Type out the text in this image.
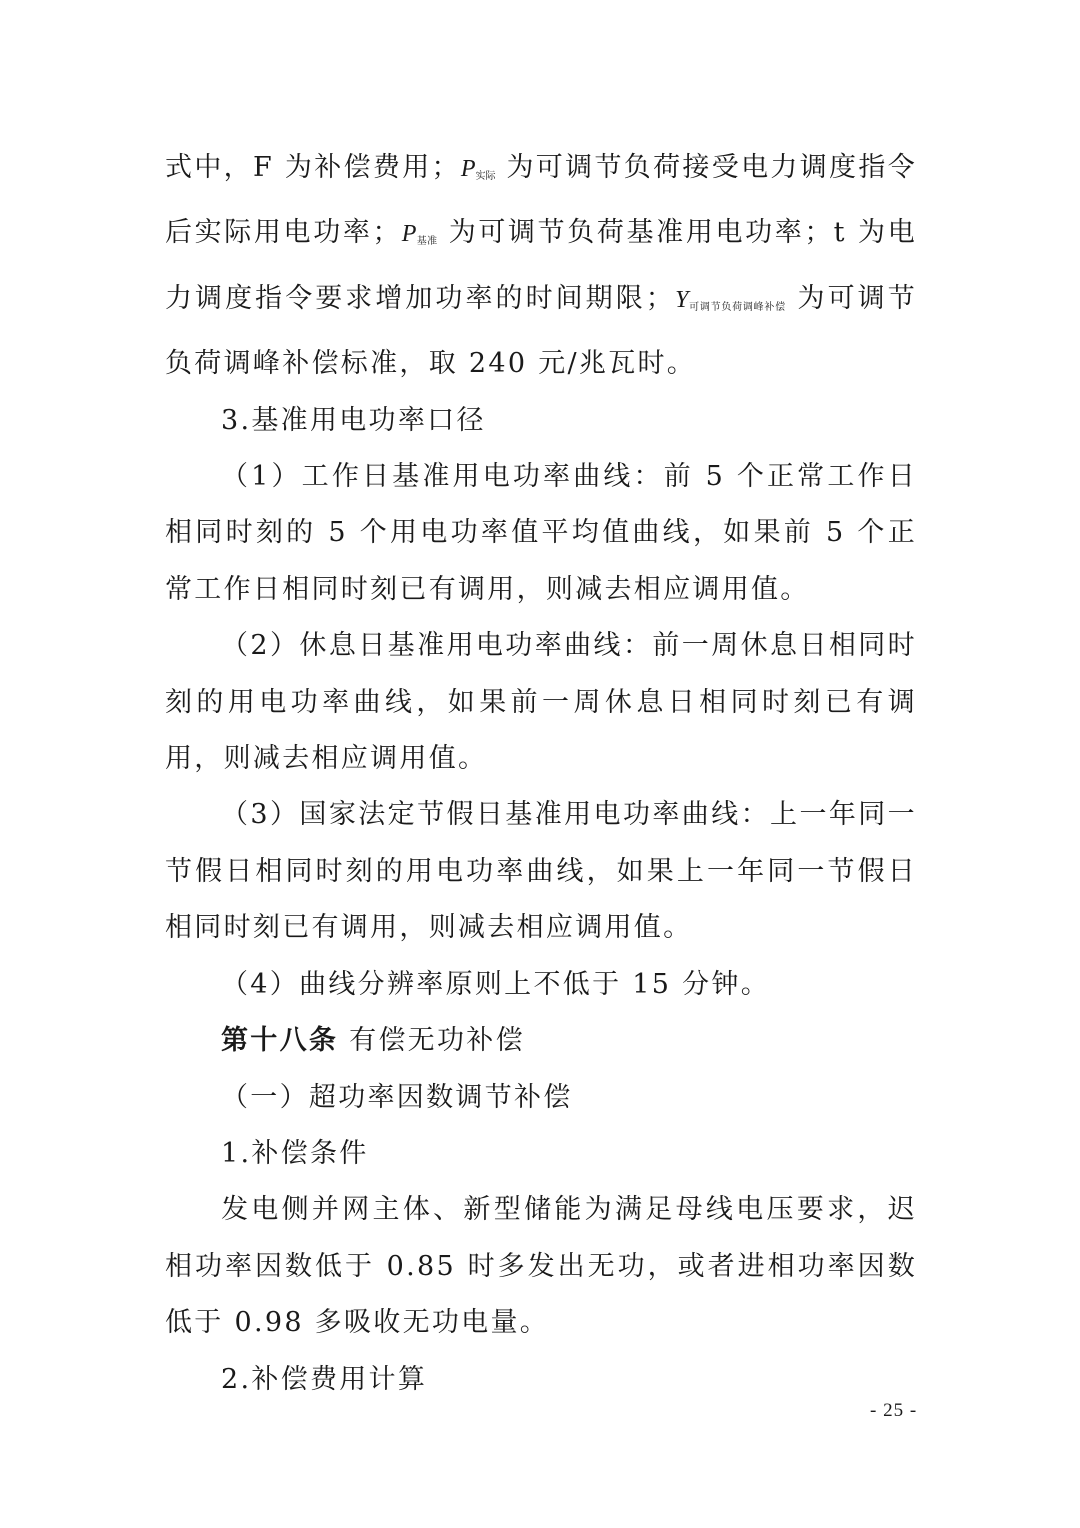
式中，F 为补偿费用；$P_{实际}$ 为可调节负荷接受电力调度指令后实际用电功率；$P_{基准}$ 为可调节负荷基准用电功率；t 为电力调度指令要求增加功率的时间期限；$Y_{可调节负荷调峰补偿}$ 为可调节负荷调峰补偿标准，取 240 元/兆瓦时。

3.基准用电功率口径

（1）工作日基准用电功率曲线：前 5 个正常工作日相同时刻的 5 个用电功率值平均值曲线，如果前 5 个正常工作日相同时刻已有调用，则减去相应调用值。

（2）休息日基准用电功率曲线：前一周休息日相同时刻的用电功率曲线，如果前一周休息日相同时刻已有调用，则减去相应调用值。

（3）国家法定节假日基准用电功率曲线：上一年同一节假日相同时刻的用电功率曲线，如果上一年同一节假日相同时刻已有调用，则减去相应调用值。

（4）曲线分辨率原则上不低于 15 分钟。

第十八条 有偿无功补偿

（一）超功率因数调节补偿

1.补偿条件

发电侧并网主体、新型储能为满足母线电压要求，迟相功率因数低于 0.85 时多发出无功，或者进相功率因数低于 0.98 多吸收无功电量。

2.补偿费用计算

- 25 -
